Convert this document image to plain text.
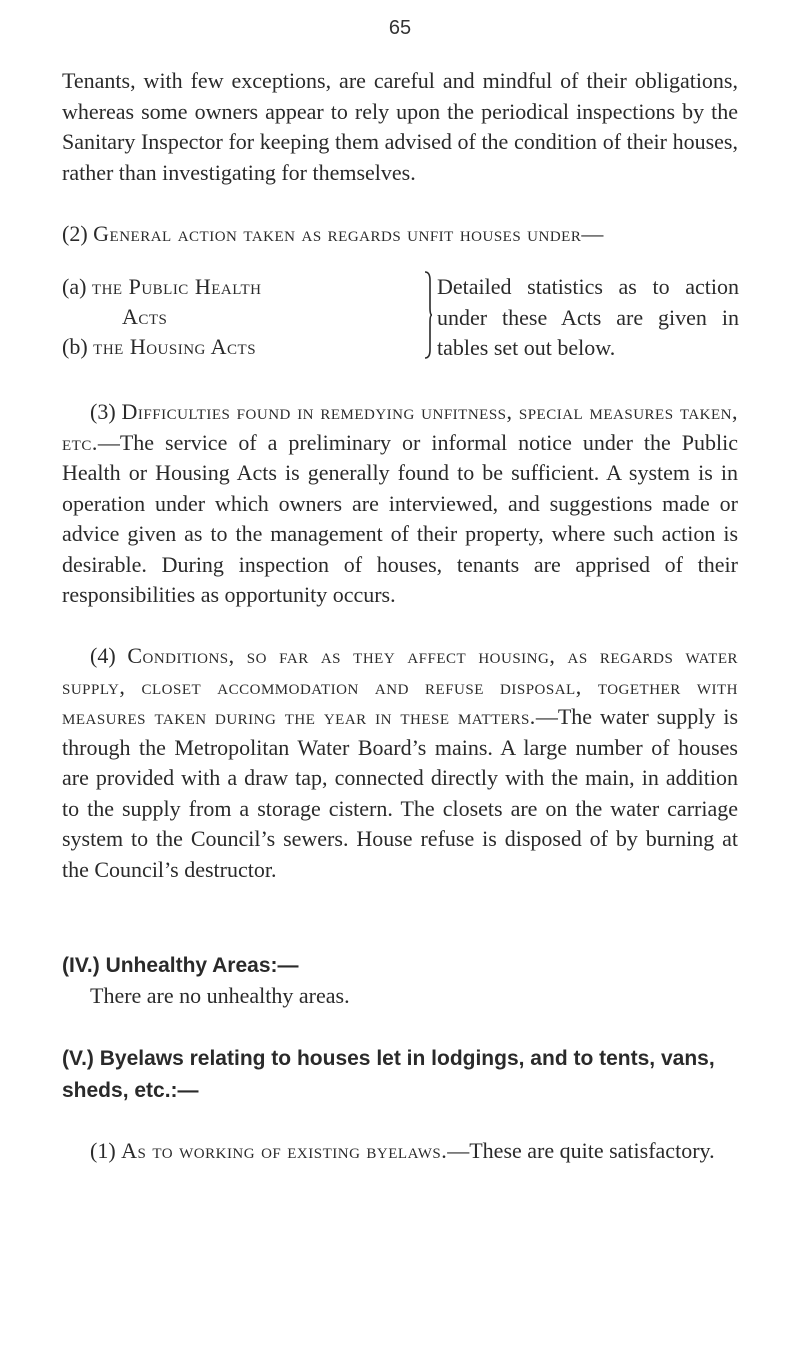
65

Tenants, with few exceptions, are careful and mindful of their obligations, whereas some owners appear to rely upon the periodical inspections by the Sanitary Inspector for keeping them advised of the condition of their houses, rather than investigating for themselves.

(2) General action taken as regards unfit houses under—

(a) the Public Health
Acts
(b) the Housing Acts
Detailed statistics as to action under these Acts are given in tables set out below.

(3) Difficulties found in remedying unfitness, special measures taken, etc.—The service of a preliminary or informal notice under the Public Health or Housing Acts is generally found to be sufficient. A system is in operation under which owners are interviewed, and suggestions made or advice given as to the management of their property, where such action is desirable. During inspection of houses, tenants are apprised of their responsibilities as opportunity occurs.

(4) Conditions, so far as they affect housing, as regards water supply, closet accommodation and refuse disposal, together with measures taken during the year in these matters.—The water supply is through the Metropolitan Water Board’s mains. A large number of houses are provided with a draw tap, connected directly with the main, in addition to the supply from a storage cistern. The closets are on the water carriage system to the Council’s sewers. House refuse is disposed of by burning at the Council’s destructor.

(IV.) Unhealthy Areas:—

There are no unhealthy areas.

(V.) Byelaws relating to houses let in lodgings, and to tents, vans, sheds, etc.:—

(1) As to working of existing byelaws.—These are quite satisfactory.
